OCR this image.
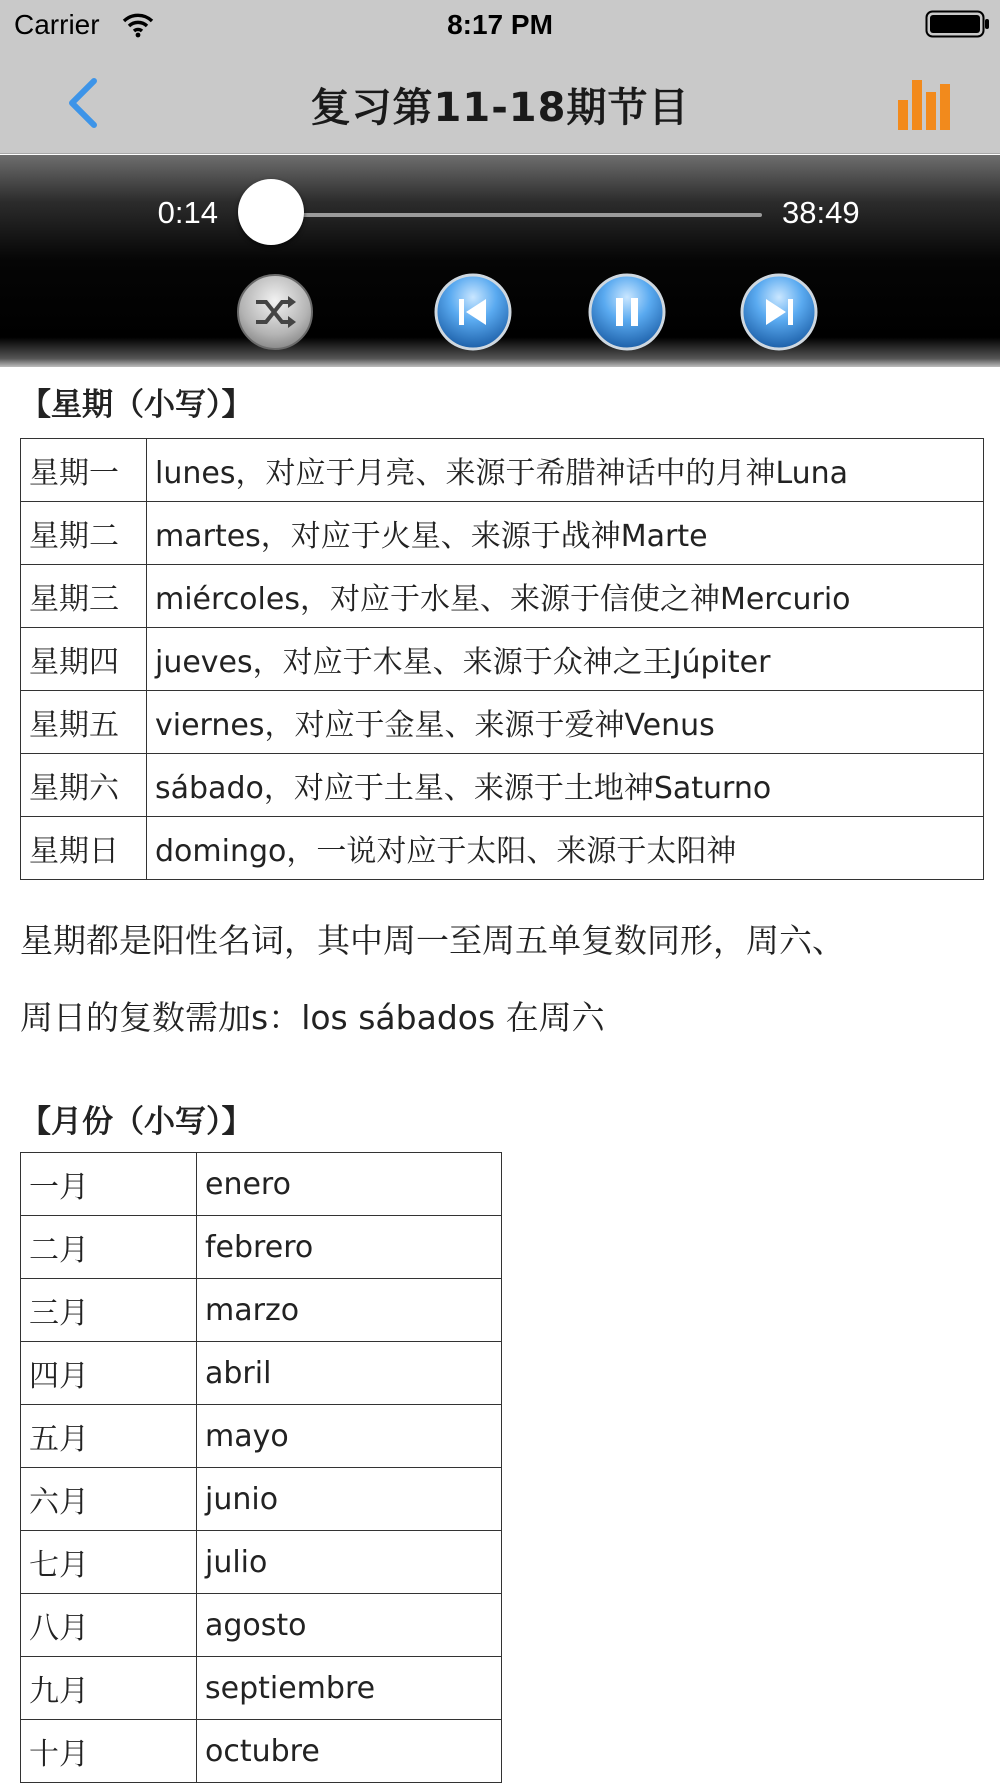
Carrier	8:17 PM
复习第11-18期节目
0:14	38:49
【星期（小写）】
星期一	lunes，对应于月亮、来源于希腊神话中的月神Luna
星期二	martes，对应于火星、来源于战神Marte
星期三	miércoles，对应于水星、来源于信使之神Mercurio
星期四	jueves，对应于木星、来源于众神之王Júpiter
星期五	viernes，对应于金星、来源于爱神Venus
星期六	sábado，对应于土星、来源于土地神Saturno
星期日	domingo，一说对应于太阳、来源于太阳神

星期都是阳性名词，其中周一至周五单复数同形，周六、

周日的复数需加s：los sábados 在周六

【月份（小写）】
一月	enero
二月	febrero
三月	marzo
四月	abril
五月	mayo
六月	junio
七月	julio
八月	agosto
九月	septiembre
十月	octubre
